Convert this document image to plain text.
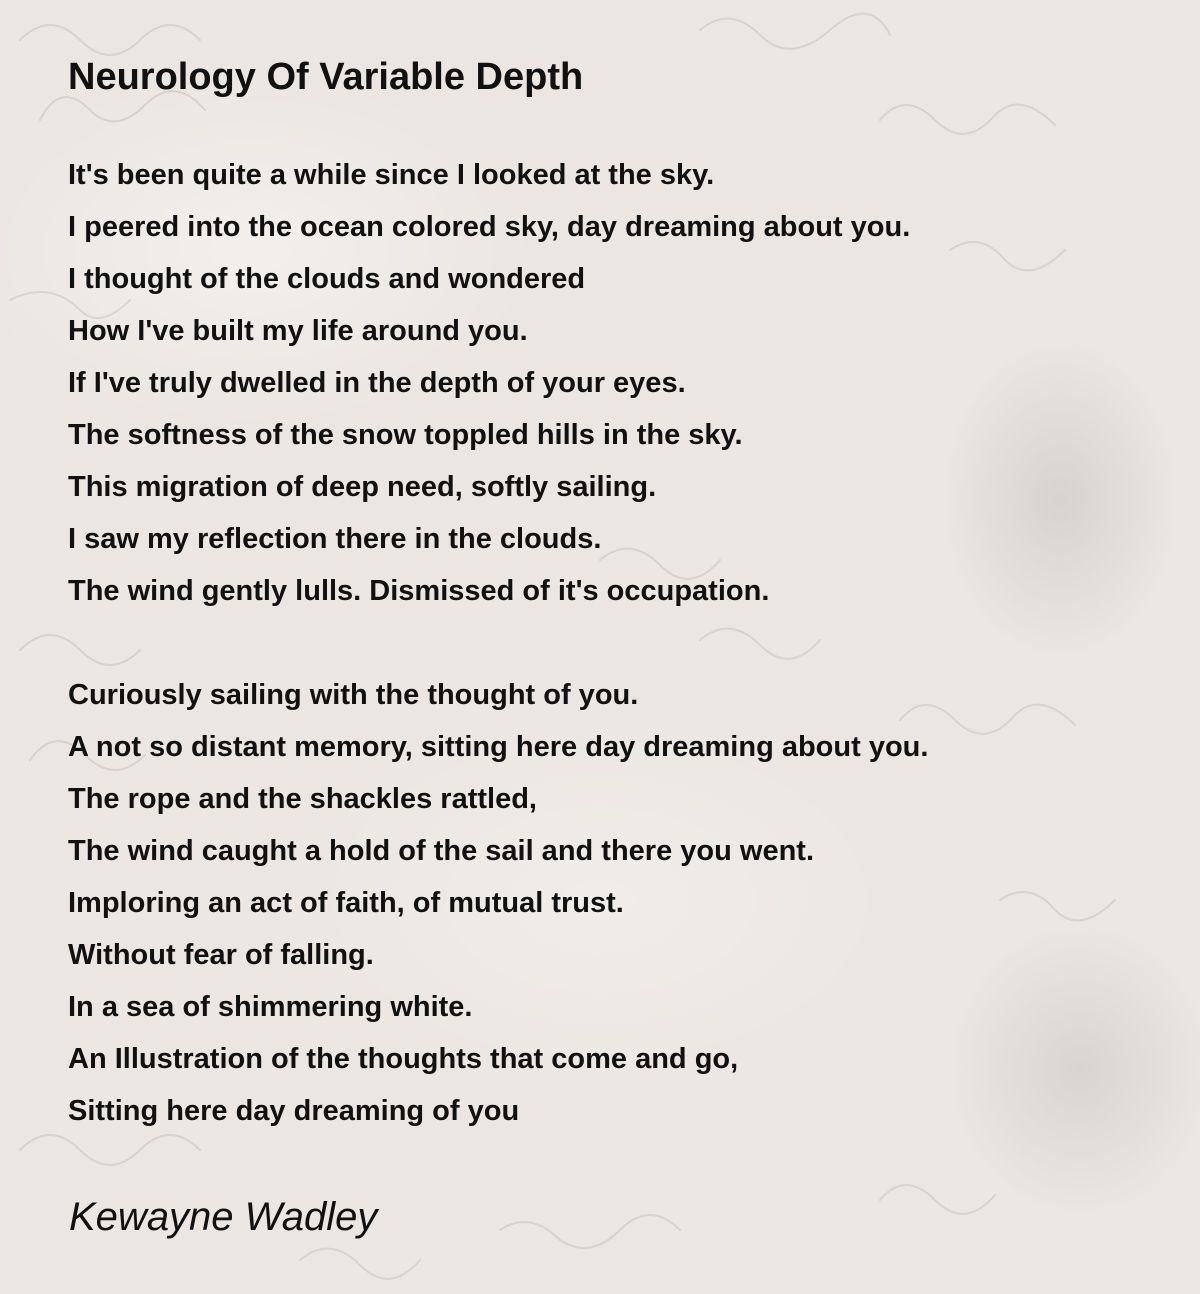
Neurology Of Variable Depth
It's been quite a while since I looked at the sky.
I peered into the ocean colored sky, day dreaming about you.
I thought of the clouds and wondered
How I've built my life around you.
If I've truly dwelled in the depth of your eyes.
The softness of the snow toppled hills in the sky.
This migration of deep need, softly sailing.
I saw my reflection there in the clouds.
The wind gently lulls. Dismissed of it's occupation.
Curiously sailing with the thought of you.
A not so distant memory, sitting here day dreaming about you.
The rope and the shackles rattled,
The wind caught a hold of the sail and there you went.
Imploring an act of faith, of mutual trust.
Without fear of falling.
In a sea of shimmering white.
An Illustration of the thoughts that come and go,
Sitting here day dreaming of you
Kewayne Wadley
